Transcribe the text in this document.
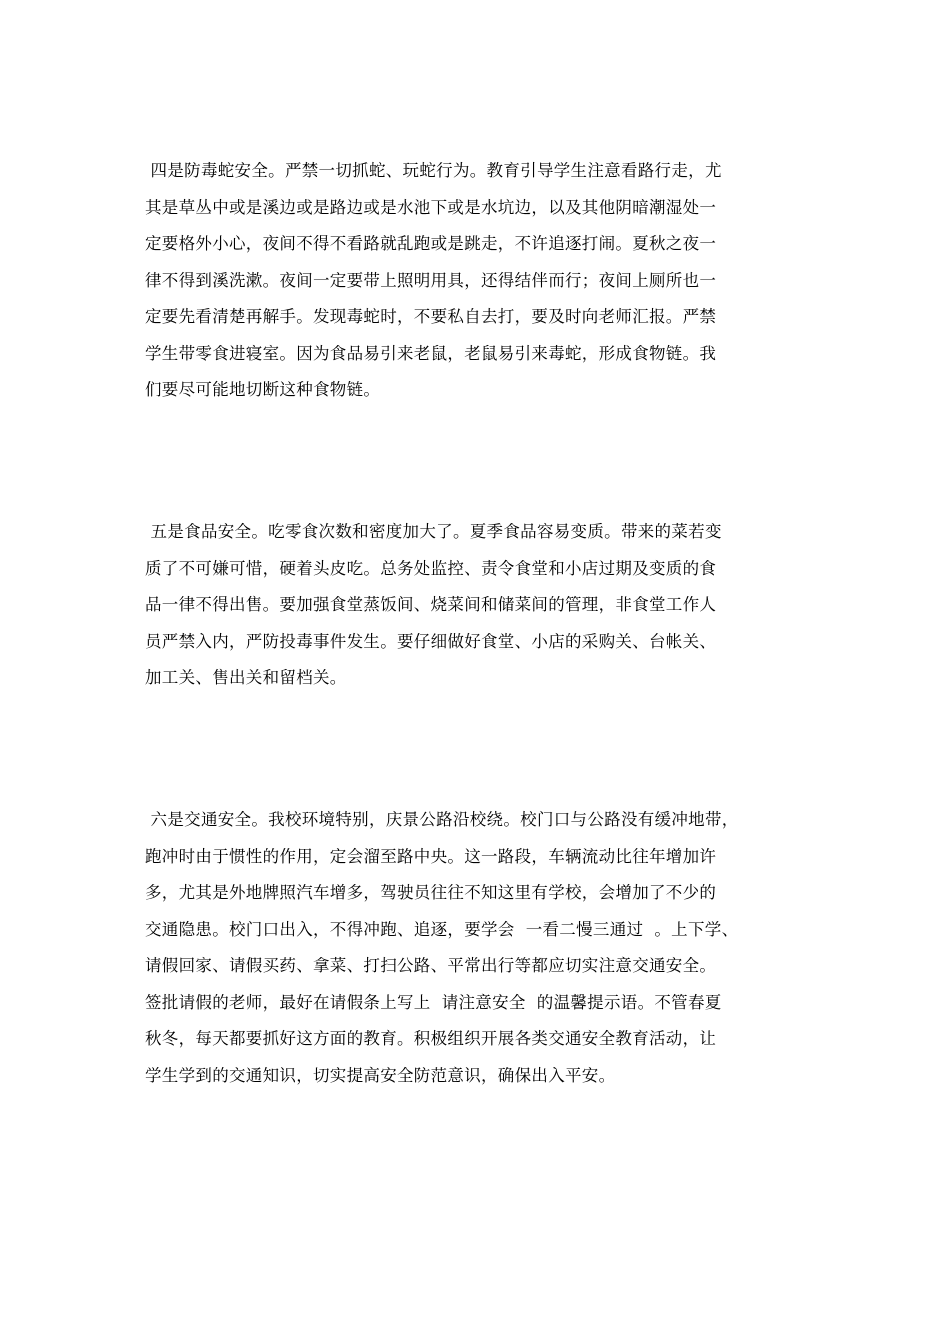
四是防毒蛇安全。严禁一切抓蛇、玩蛇行为。教育引导学生注意看路行走，尤
其是草丛中或是溪边或是路边或是水池下或是水坑边，以及其他阴暗潮湿处一
定要格外小心，夜间不得不看路就乱跑或是跳走，不许追逐打闹。夏秋之夜一
律不得到溪洗漱。夜间一定要带上照明用具，还得结伴而行；夜间上厕所也一
定要先看清楚再解手。发现毒蛇时，不要私自去打，要及时向老师汇报。严禁
学生带零食进寝室。因为食品易引来老鼠，老鼠易引来毒蛇，形成食物链。我
们要尽可能地切断这种食物链。
五是食品安全。吃零食次数和密度加大了。夏季食品容易变质。带来的菜若变
质了不可嫌可惜，硬着头皮吃。总务处监控、责令食堂和小店过期及变质的食
品一律不得出售。要加强食堂蒸饭间、烧菜间和储菜间的管理，非食堂工作人
员严禁入内，严防投毒事件发生。要仔细做好食堂、小店的采购关、台帐关、
加工关、售出关和留档关。
六是交通安全。我校环境特别，庆景公路沿校绕。校门口与公路没有缓冲地带，
跑冲时由于惯性的作用，定会溜至路中央。这一路段，车辆流动比往年增加许
多，尤其是外地牌照汽车增多，驾驶员往往不知这里有学校，会增加了不少的
交通隐患。校门口出入，不得冲跑、追逐，要学会  一看二慢三通过  。上下学、
请假回家、请假买药、拿菜、打扫公路、平常出行等都应切实注意交通安全。
签批请假的老师，最好在请假条上写上  请注意安全  的温馨提示语。不管春夏
秋冬，每天都要抓好这方面的教育。积极组织开展各类交通安全教育活动，让
学生学到的交通知识，切实提高安全防范意识，确保出入平安。
